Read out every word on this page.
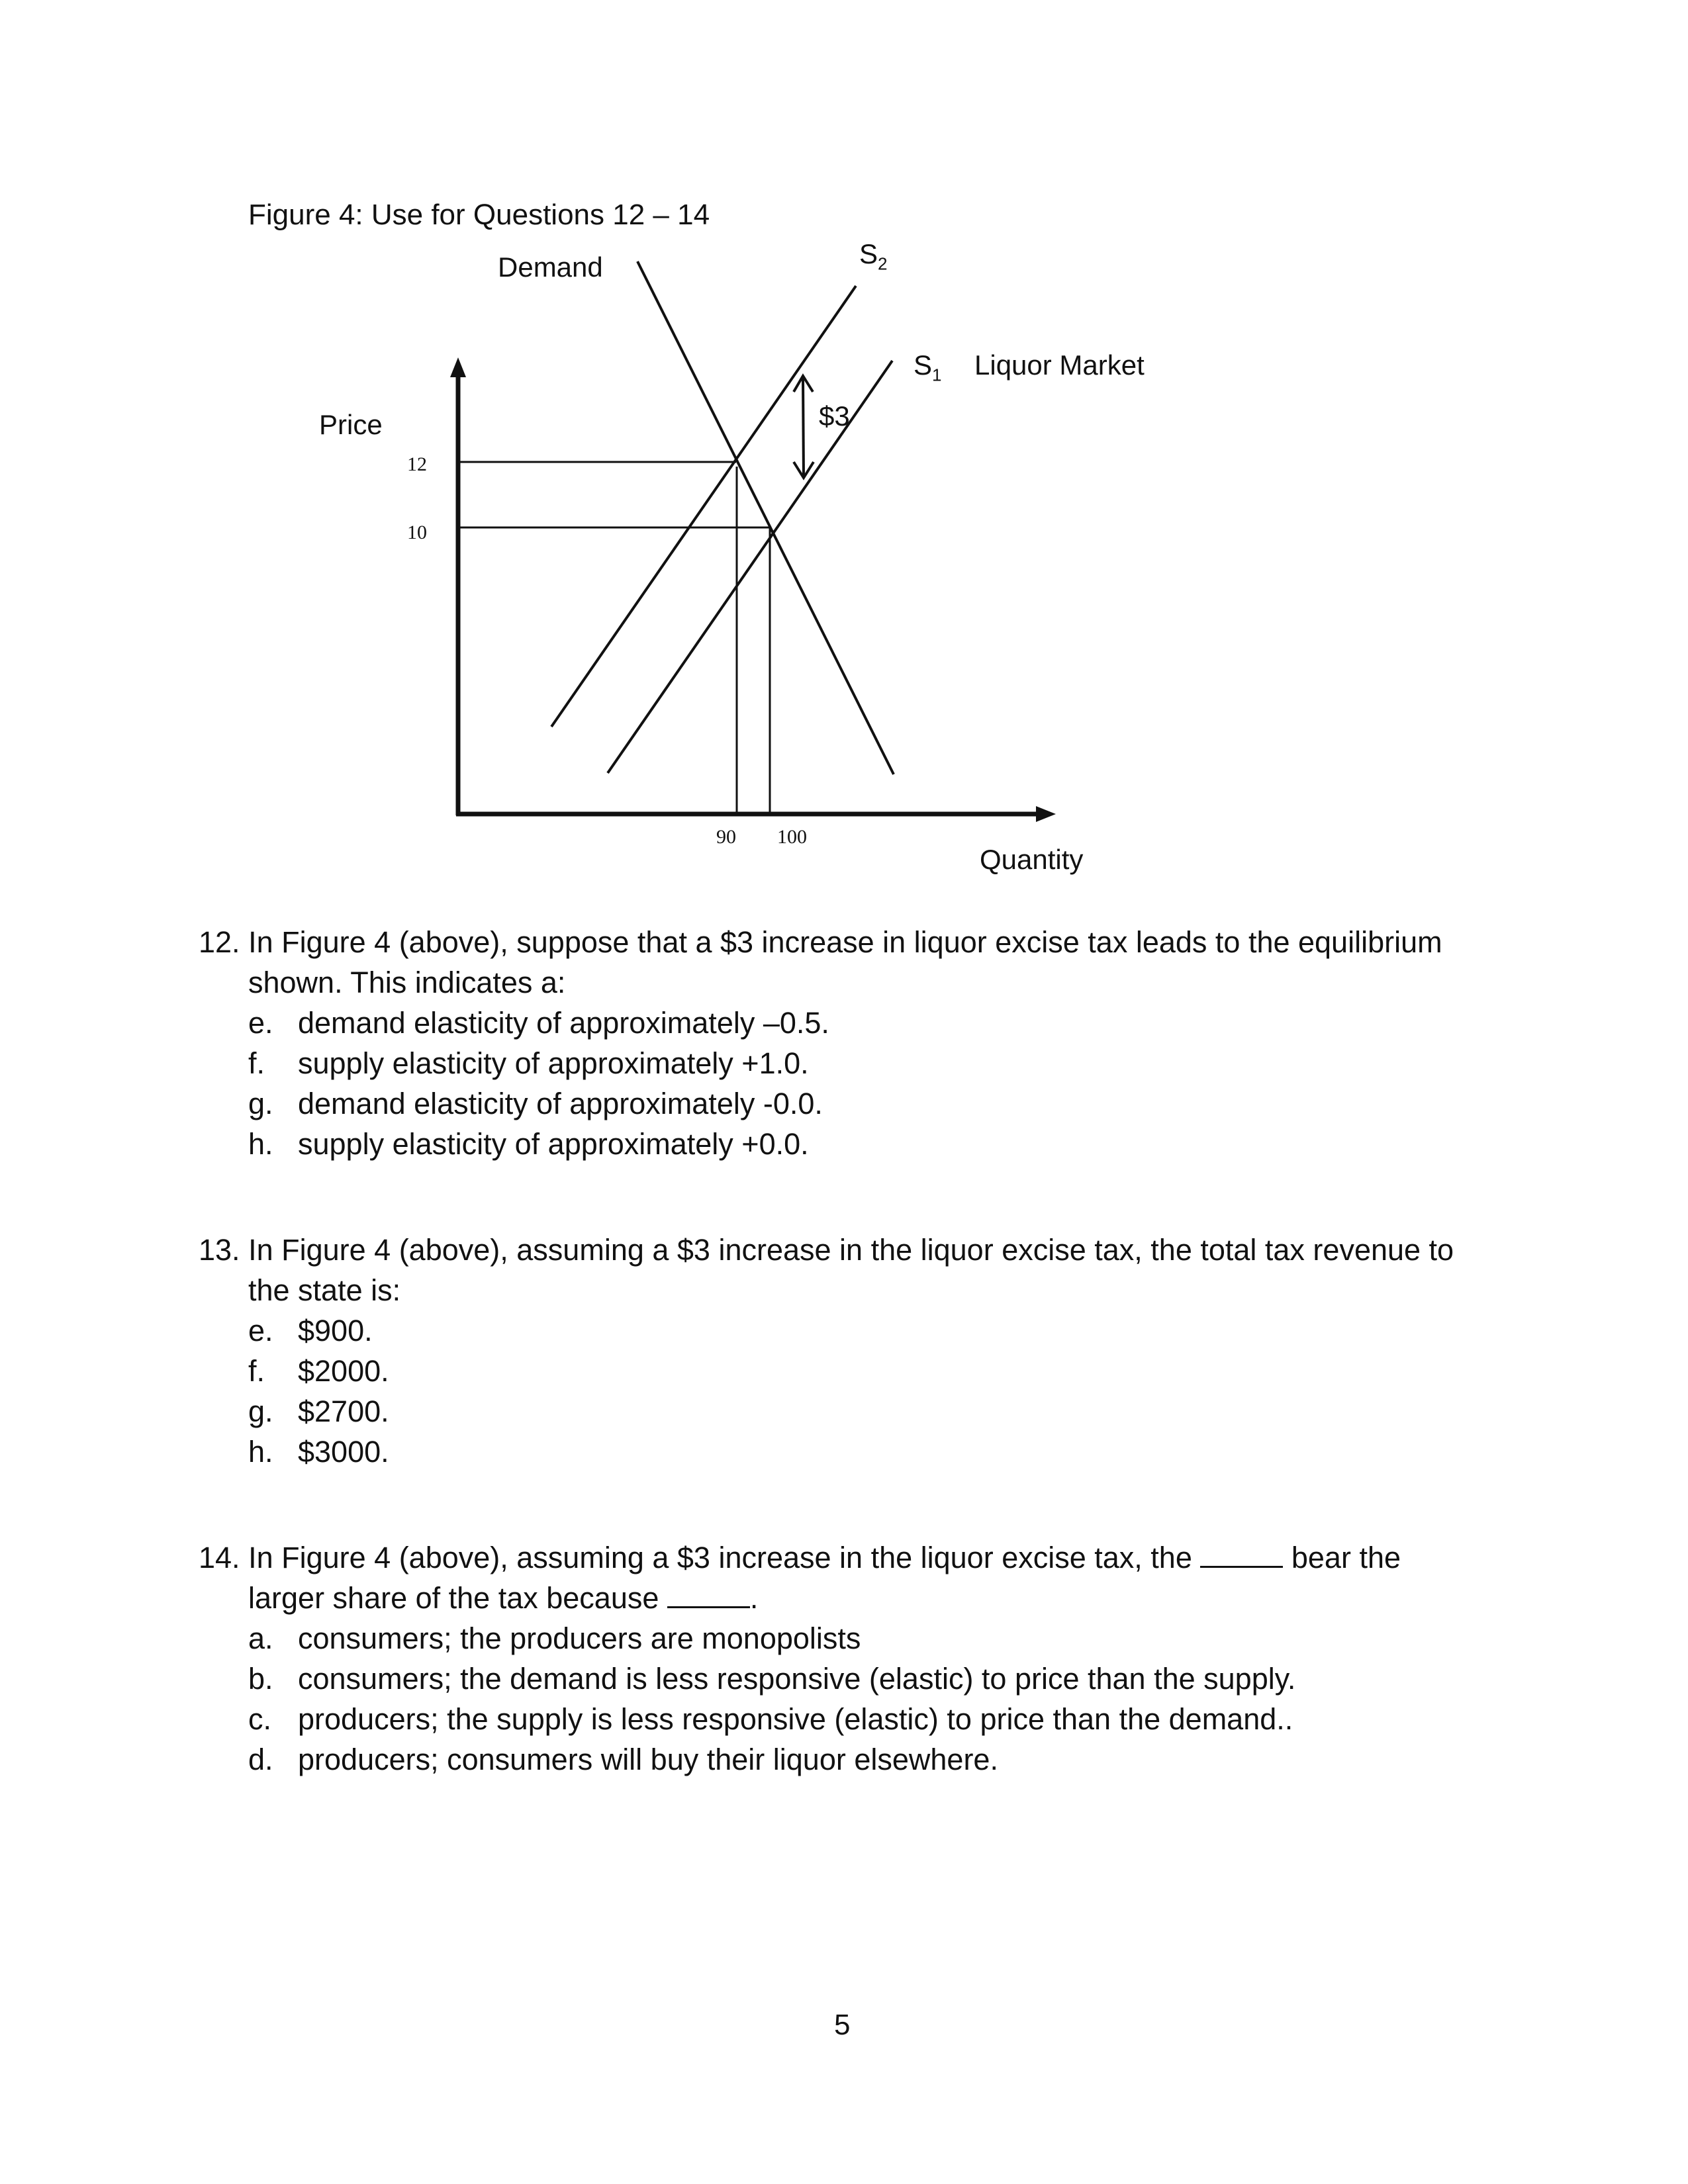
Figure 4: Use for Questions 12 – 14
Demand	$S_2$
$S_1$ Liquor Market
$3
Price
Quantity
12
10
90 100
12. In Figure 4 (above), suppose that a $3 increase in liquor excise tax leads to the equilibrium
shown. This indicates a:
e. demand elasticity of approximately –0.5.
f. supply elasticity of approximately +1.0.
g. demand elasticity of approximately -0.0.
h. supply elasticity of approximately +0.0.
13. In Figure 4 (above), assuming a $3 increase in the liquor excise tax, the total tax revenue to
the state is:
e. $900.
f. $2000.
g. $2700.
h. $3000.
14. In Figure 4 (above), assuming a $3 increase in the liquor excise tax, the	bear the
larger share of the tax because	.
a. consumers; the producers are monopolists
b. consumers; the demand is less responsive (elastic) to price than the supply.
c. producers; the supply is less responsive (elastic) to price than the demand..
d. producers; consumers will buy their liquor elsewhere.
5
